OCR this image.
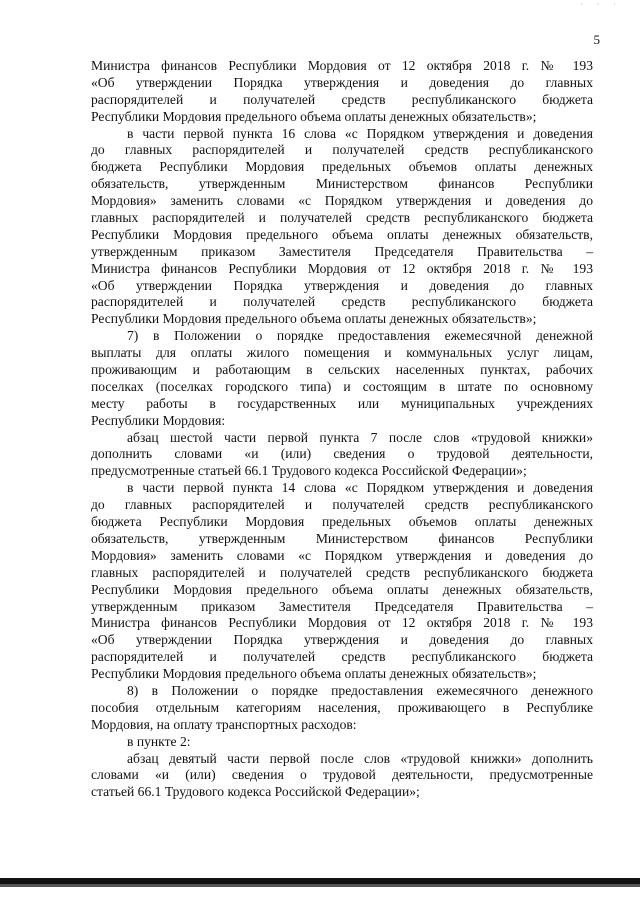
· · ·
5
Министра финансов Республики Мордовия от 12 октября 2018 г. № 193
«Об утверждении Порядка утверждения и доведения до главных
распорядителей и получателей средств республиканского бюджета
Республики Мордовия предельного объема оплаты денежных обязательств»;
в части первой пункта 16 слова «с Порядком утверждения и доведения
до главных распорядителей и получателей средств республиканского
бюджета Республики Мордовия предельных объемов оплаты денежных
обязательств, утвержденным Министерством финансов Республики
Мордовия» заменить словами «с Порядком утверждения и доведения до
главных распорядителей и получателей средств республиканского бюджета
Республики Мордовия предельного объема оплаты денежных обязательств,
утвержденным приказом Заместителя Председателя Правительства –
Министра финансов Республики Мордовия от 12 октября 2018 г. № 193
«Об утверждении Порядка утверждения и доведения до главных
распорядителей и получателей средств республиканского бюджета
Республики Мордовия предельного объема оплаты денежных обязательств»;
7) в Положении о порядке предоставления ежемесячной денежной
выплаты для оплаты жилого помещения и коммунальных услуг лицам,
проживающим и работающим в сельских населенных пунктах, рабочих
поселках (поселках городского типа) и состоящим в штате по основному
месту работы в государственных или муниципальных учреждениях
Республики Мордовия:
абзац шестой части первой пункта 7 после слов «трудовой книжки»
дополнить словами «и (или) сведения о трудовой деятельности,
предусмотренные статьей 66.1 Трудового кодекса Российской Федерации»;
в части первой пункта 14 слова «с Порядком утверждения и доведения
до главных распорядителей и получателей средств республиканского
бюджета Республики Мордовия предельных объемов оплаты денежных
обязательств, утвержденным Министерством финансов Республики
Мордовия» заменить словами «с Порядком утверждения и доведения до
главных распорядителей и получателей средств республиканского бюджета
Республики Мордовия предельного объема оплаты денежных обязательств,
утвержденным приказом Заместителя Председателя Правительства –
Министра финансов Республики Мордовия от 12 октября 2018 г. № 193
«Об утверждении Порядка утверждения и доведения до главных
распорядителей и получателей средств республиканского бюджета
Республики Мордовия предельного объема оплаты денежных обязательств»;
8) в Положении о порядке предоставления ежемесячного денежного
пособия отдельным категориям населения, проживающего в Республике
Мордовия, на оплату транспортных расходов:
в пункте 2:
абзац девятый части первой после слов «трудовой книжки» дополнить
словами «и (или) сведения о трудовой деятельности, предусмотренные
статьей 66.1 Трудового кодекса Российской Федерации»;
